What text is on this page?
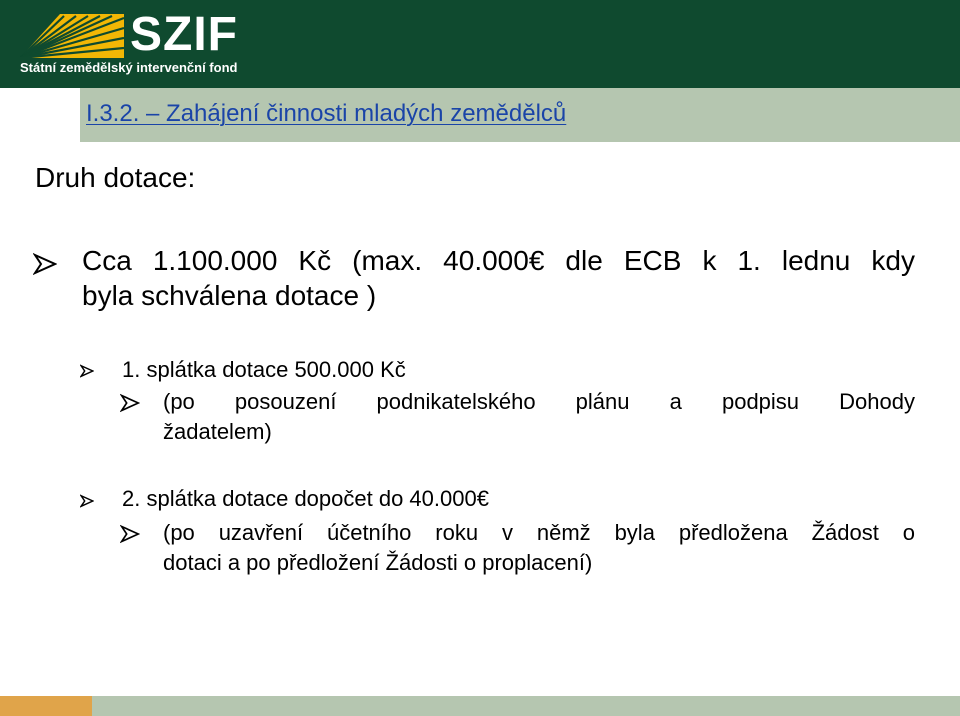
SZIF
Státní zemědělský intervenční fond
I.3.2. – Zahájení činnosti mladých zemědělců
Druh dotace:
Cca 1.100.000 Kč (max. 40.000€ dle ECB k 1. lednu kdy
byla schválena dotace )
1. splátka dotace 500.000 Kč
(po posouzení podnikatelského plánu a podpisu Dohody
žadatelem)
2. splátka dotace dopočet do 40.000€
(po uzavření účetního roku v němž byla předložena Žádost o
dotaci a po předložení Žádosti o proplacení)
